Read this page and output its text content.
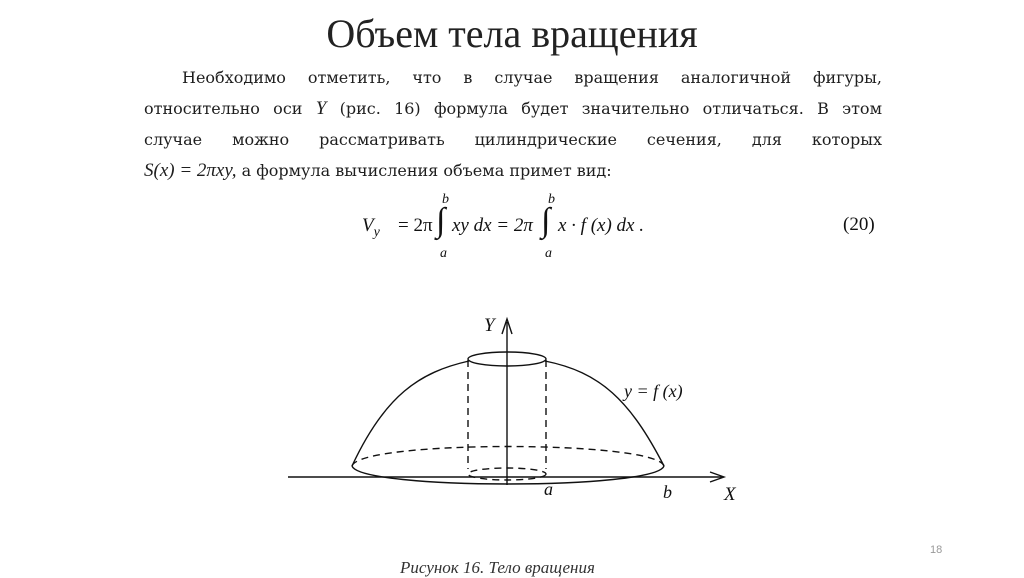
Объем тела вращения
Необходимо отметить, что в случае вращения аналогичной фигуры,
относительно оси Y (рис. 16) формула будет значительно отличаться. В этом
случае можно рассматривать цилиндрические сечения, для которых
S(x) = 2πxy, а формула вычисления объема примет вид:
$V_y = 2\pi$
b
∫
a
xy dx = 2π
b
∫
a
x · f (x) dx .	(20)
Y
X
y = f (x)
a	b
Рисунок 16. Тело вращения
18
